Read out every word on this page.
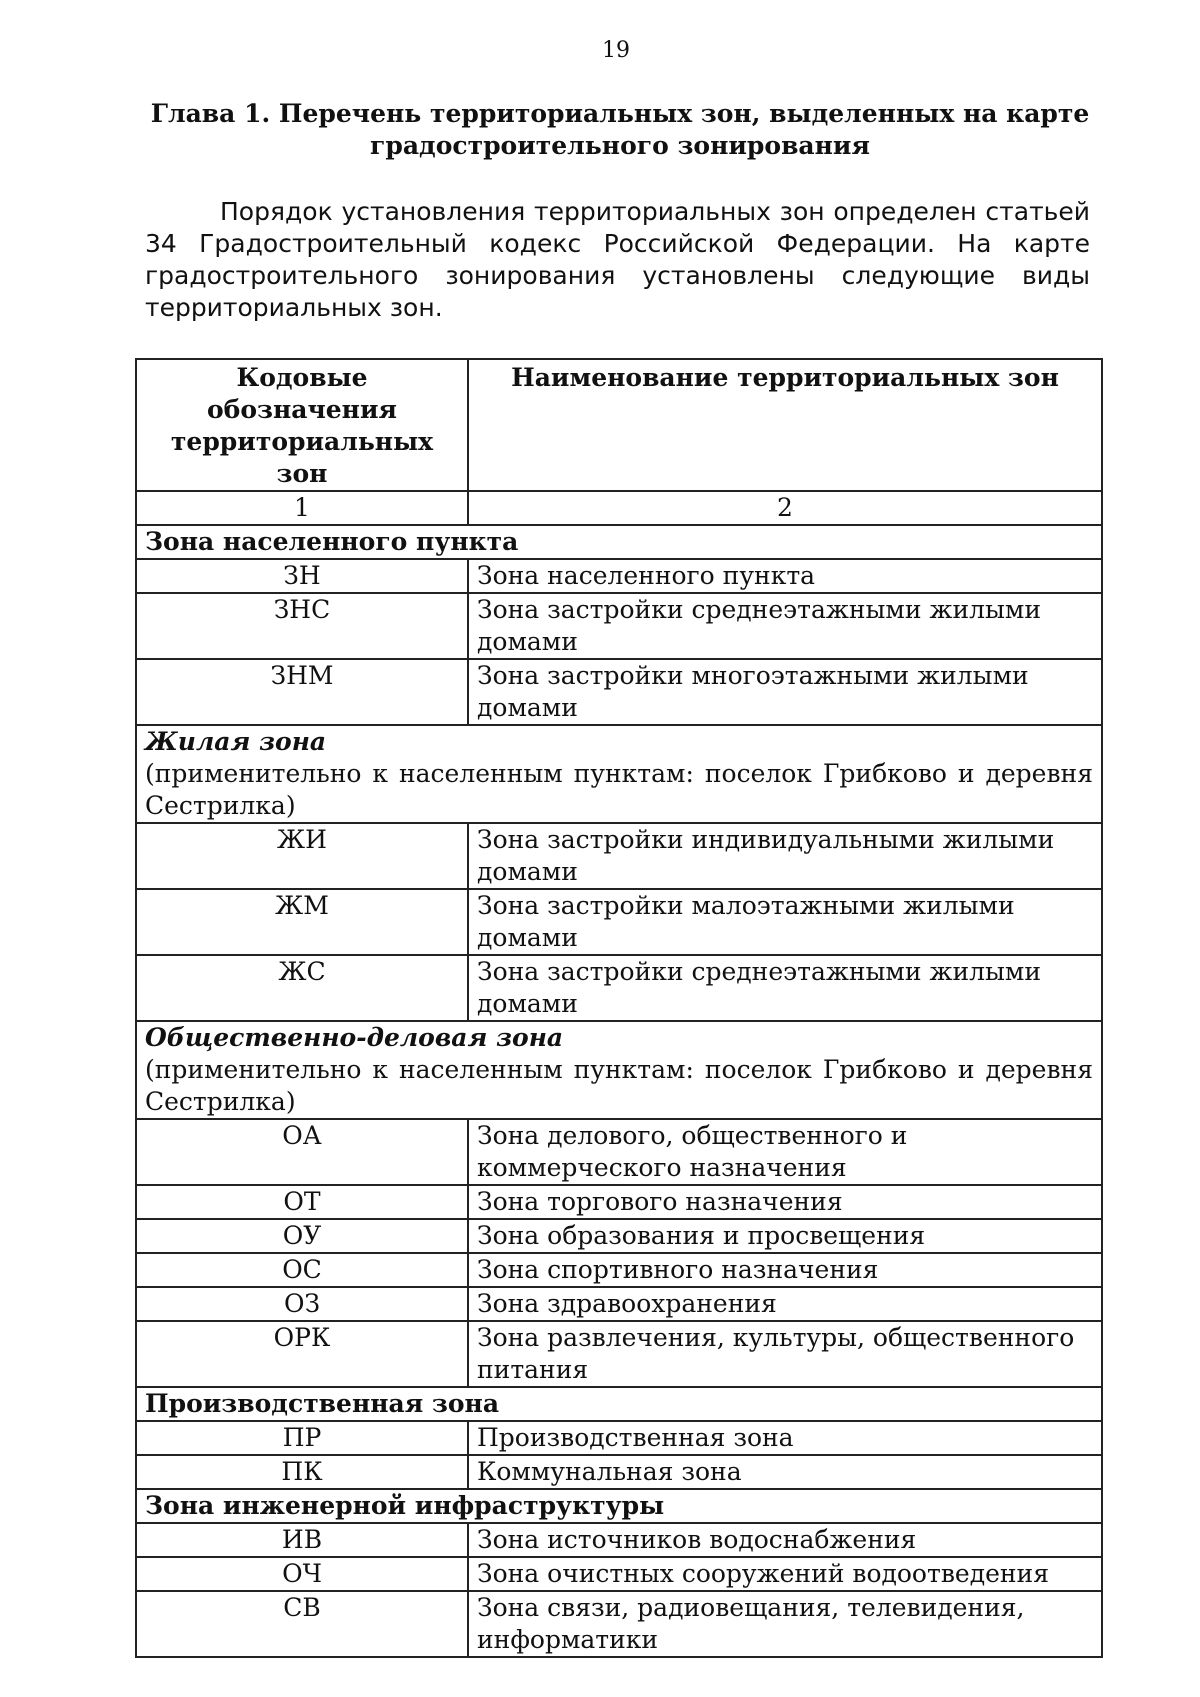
19
Глава 1. Перечень территориальных зон, выделенных на карте градостроительного зонирования

Порядок установления территориальных зон определен статьей 34 Градостроительный кодекс Российской Федерации. На карте градостроительного зонирования установлены следующие виды территориальных зон.

Кодовые обозначения территориальных зон	Наименование территориальных зон
1	2

Зона населенного пункта	

ЗН	Зона населенного пункта
ЗНС	Зона застройки среднеэтажными жилыми домами
ЗНМ	Зона застройки многоэтажными жилыми домами

Жилая зона
(применительно к населенным пунктам: поселок Грибково и деревня Сестрилка)	

ЖИ	Зона застройки индивидуальными жилыми домами
ЖМ	Зона застройки малоэтажными жилыми домами
ЖС	Зона застройки среднеэтажными жилыми домами

Общественно-деловая зона
(применительно к населенным пунктам: поселок Грибково и деревня Сестрилка)	

ОА	Зона делового, общественного и коммерческого назначения
ОТ	Зона торгового назначения
ОУ	Зона образования и просвещения
ОС	Зона спортивного назначения
ОЗ	Зона здравоохранения
ОРК	Зона развлечения, культуры, общественного питания

Производственная зона	

ПР	Производственная зона
ПК	Коммунальная зона

Зона инженерной инфраструктуры	

ИВ	Зона источников водоснабжения
ОЧ	Зона очистных сооружений водоотведения
СВ	Зона связи, радиовещания, телевидения, информатики
